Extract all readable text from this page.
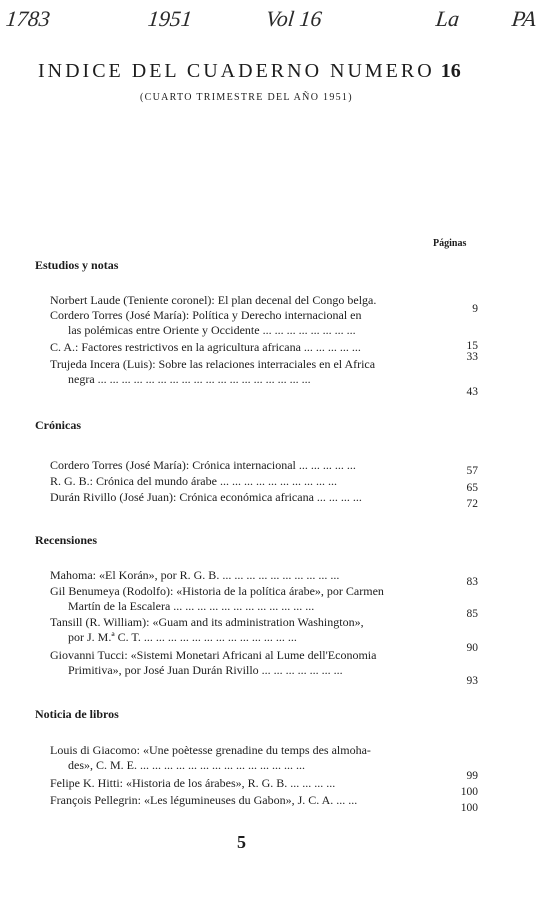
1783	1951	Vol 16	La PA
INDICE DEL CUADERNO NUMERO 16
(CUARTO TRIMESTRE DEL AÑO 1951)
Páginas
Estudios y notas
Norbert Laude (Teniente coronel): El plan decenal del Congo belga.
9
Cordero Torres (José María): Política y Derecho internacional en
las polémicas entre Oriente y Occidente ... ... ... ... ... ... ... ...
15
C. A.: Factores restrictivos en la agricultura africana ... ... ... ... ...
33
Trujeda Incera (Luis): Sobre las relaciones interraciales en el Africa
negra ... ... ... ... ... ... ... ... ... ... ... ... ... ... ... ... ... ...
43
Crónicas
Cordero Torres (José María): Crónica internacional ... ... ... ... ...	57
R. G. B.: Crónica del mundo árabe ... ... ... ... ... ... ... ... ... ...	65
Durán Rivillo (José Juan): Crónica económica africana ... ... ... ...	72
Recensiones
Mahoma: «El Korán», por R. G. B. ... ... ... ... ... ... ... ... ... ...	83
Gil Benumeya (Rodolfo): «Historia de la política árabe», por Carmen
Martín de la Escalera ... ... ... ... ... ... ... ... ... ... ... ...
85
Tansill (R. William): «Guam and its administration Washington»,
por J. M.ª C. T. ... ... ... ... ... ... ... ... ... ... ... ... ...
90
Giovanni Tucci: «Sistemi Monetari Africani al Lume dell'Economia
Primitiva», por José Juan Durán Rivillo ... ... ... ... ... ... ...
93
Noticia de libros
Louis di Giacomo: «Une poètesse grenadine du temps des almoha-
des», C. M. E. ... ... ... ... ... ... ... ... ... ... ... ... ... ...
99
Felipe K. Hitti: «Historia de los árabes», R. G. B. ... ... ... ...
100
François Pellegrin: «Les légumineuses du Gabon», J. C. A. ... ...
100
5
